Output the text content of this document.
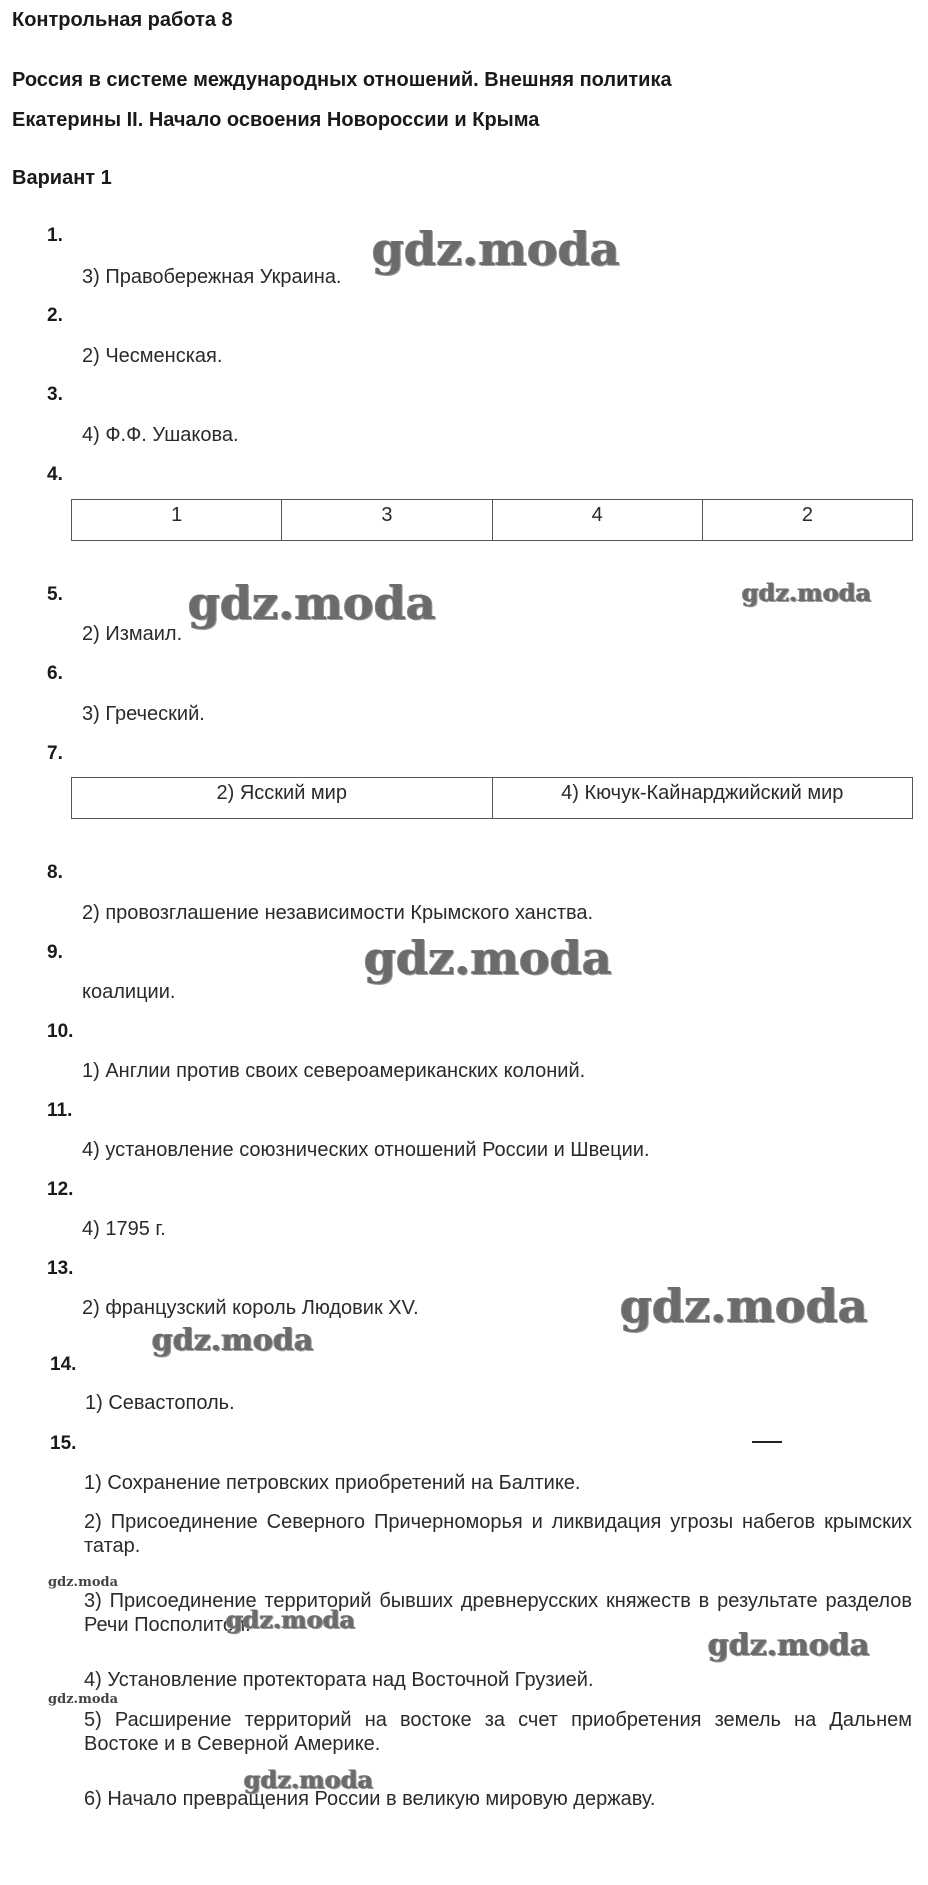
Контрольная работа 8
Россия в системе международных отношений. Внешняя политика
Екатерины II. Начало освоения Новороссии и Крыма
Вариант 1
1.
3) Правобережная Украина.
2.
2) Чесменская.
3.
4) Ф.Ф. Ушакова.
4.
1	3	4	2
5.
2) Измаил.
6.
3) Греческий.
7.
2) Ясский мир	4) Кючук-Кайнарджийский мир
8.
2) провозглашение независимости Крымского ханства.
9.
коалиции.
10.
1) Англии против своих североамериканских колоний.
11.
4) установление союзнических отношений России и Швеции.
12.
4) 1795 г.
13.
2) французский король Людовик XV.
14.
1) Севастополь.
15.
1) Сохранение петровских приобретений на Балтике.
2) Присоединение Северного Причерноморья и ликвидация угрозы набегов крымских татар.
3) Присоединение территорий бывших древнерусских княжеств в результате разделов Речи Посполитой.
4) Установление протектората над Восточной Грузией.
5) Расширение территорий на востоке за счет приобретения земель на Дальнем Востоке и в Северной Америке.
6) Начало превращения России в великую мировую державу.
gdz.moda
gdz.moda	gdz.moda
gdz.moda
gdz.moda
gdz.moda
gdz.moda
gdz.moda
gdz.moda
gdz.moda
gdz.moda
